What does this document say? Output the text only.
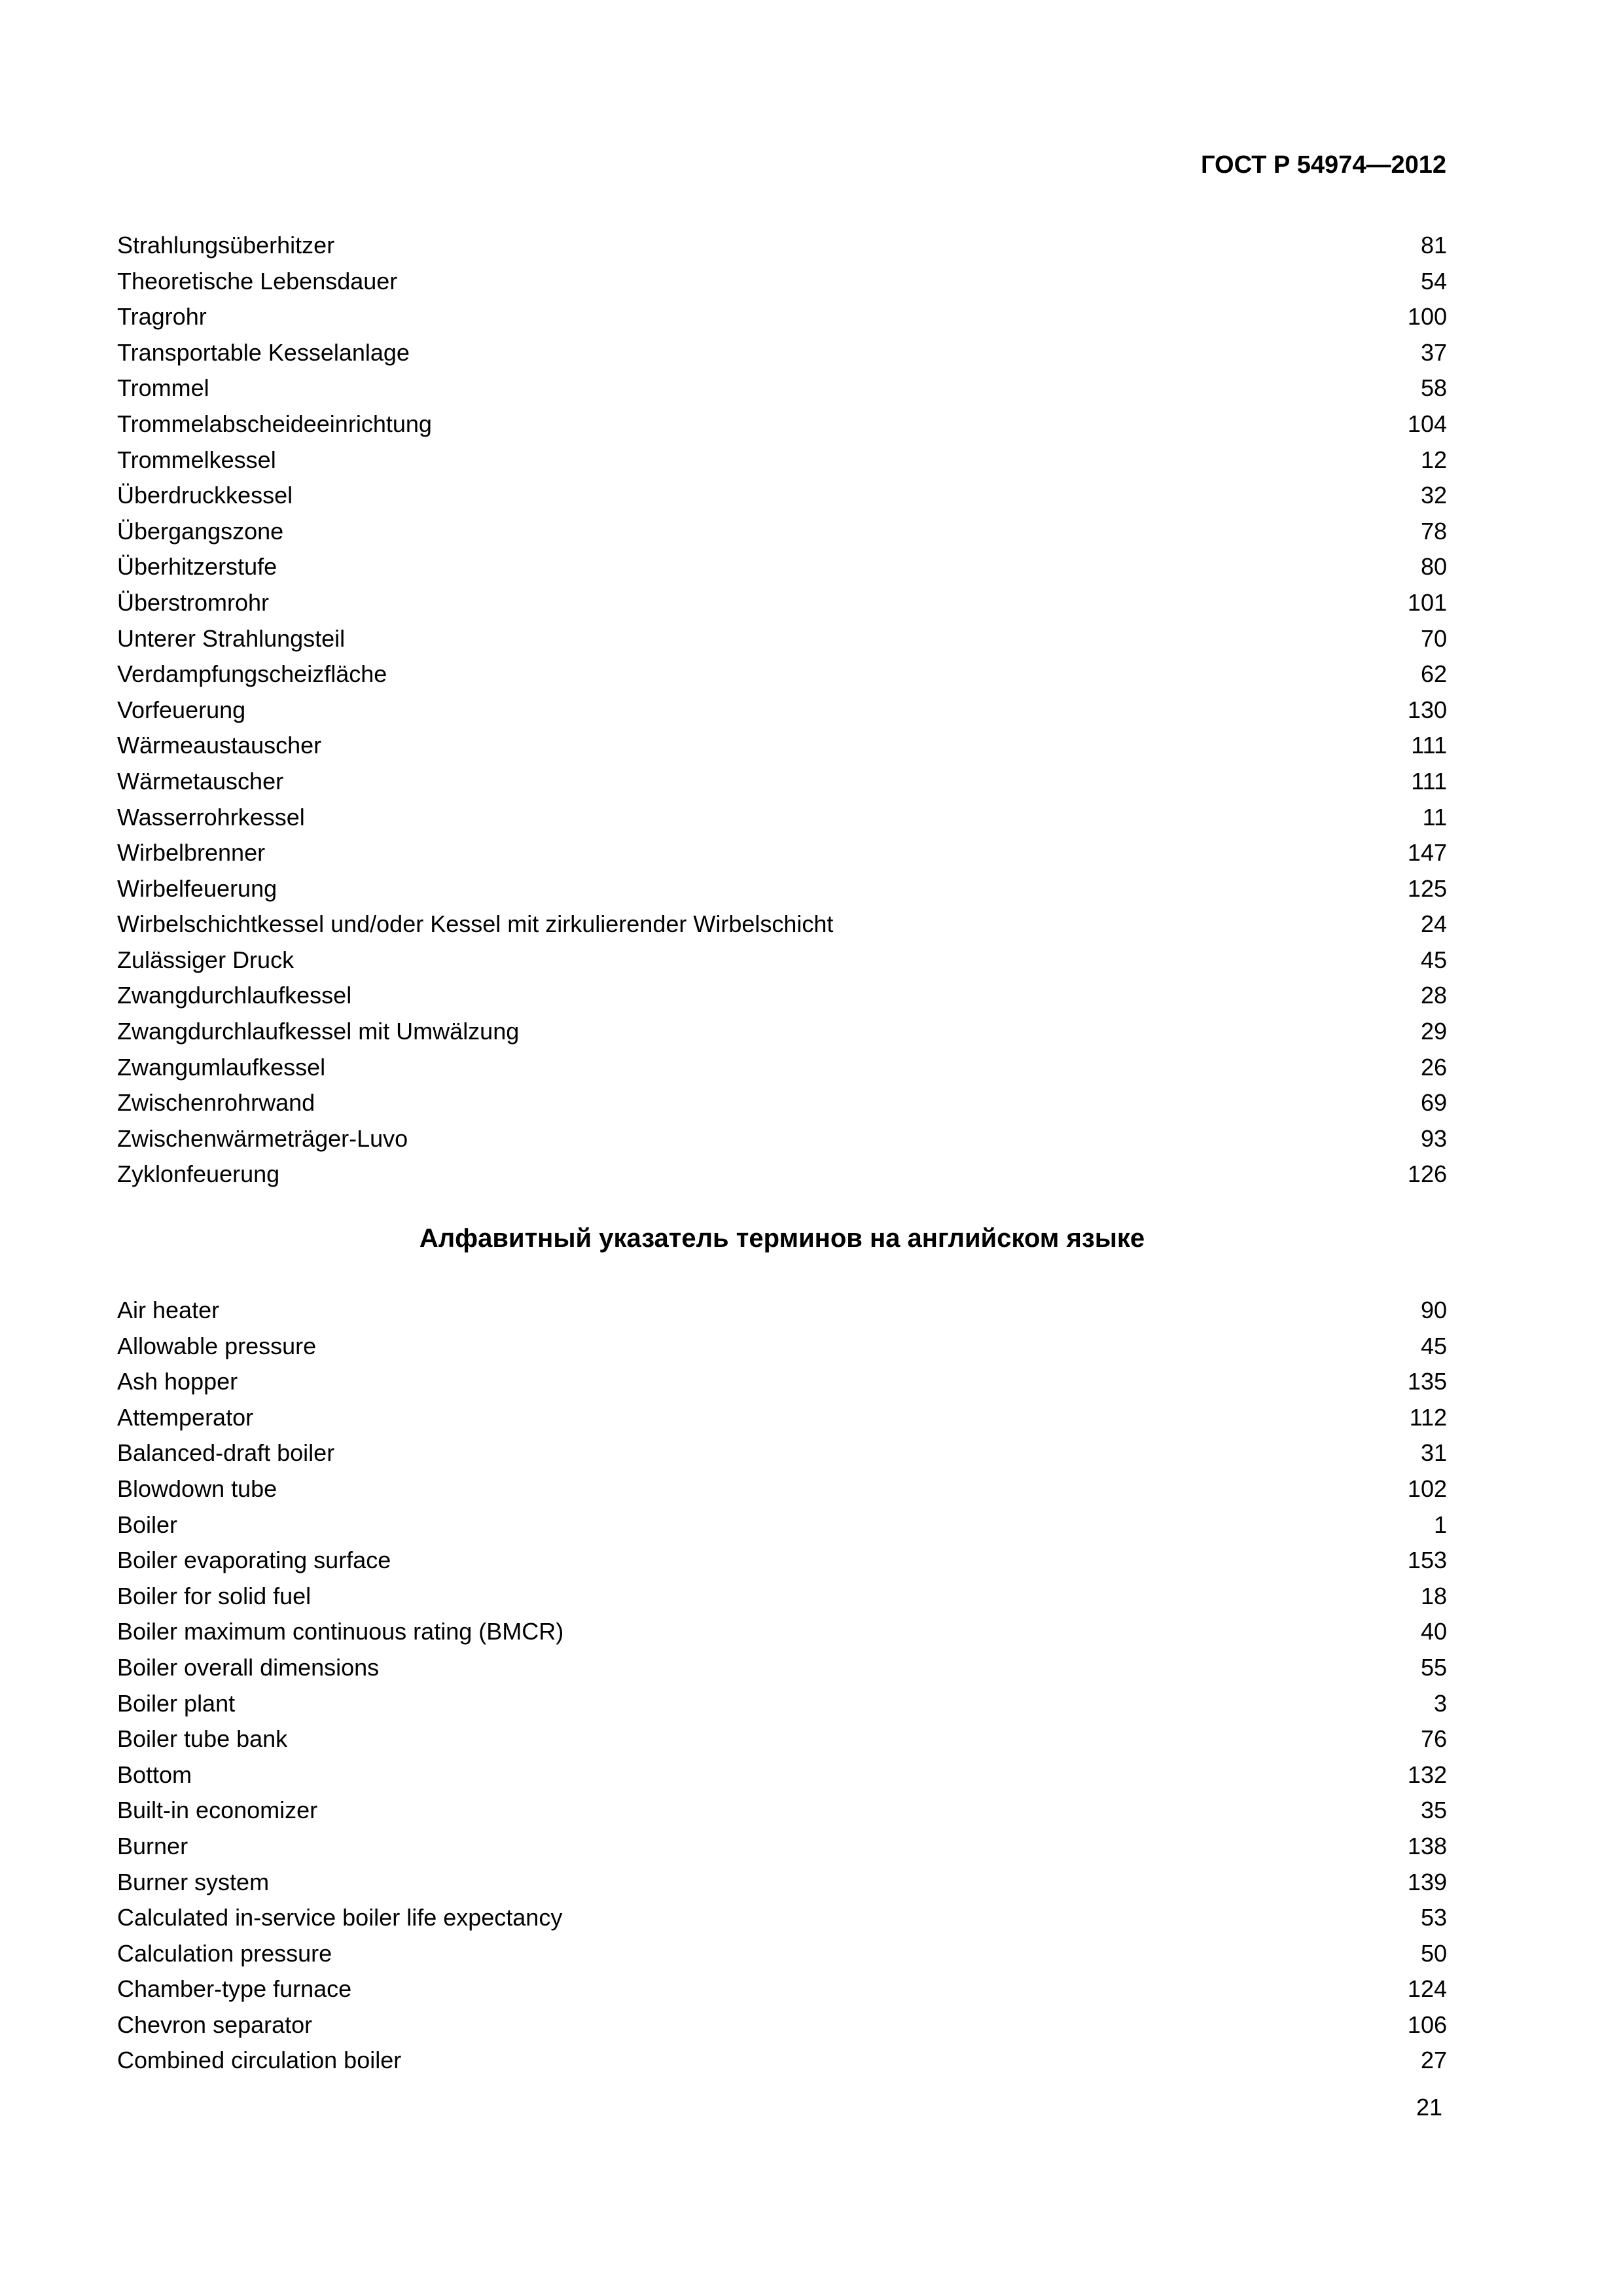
ГОСТ Р 54974—2012
Strahlungsüberhitzer	81
Theoretische Lebensdauer	54
Tragrohr	100
Transportable Kesselanlage	37
Trommel	58
Trommelabscheideeinrichtung	104
Trommelkessel	12
Überdruckkessel	32
Übergangszone	78
Überhitzerstufe	80
Überstromrohr	101
Unterer Strahlungsteil	70
Verdampfungscheizfläche	62
Vorfeuerung	130
Wärmeaustauscher	111
Wärmetauscher	111
Wasserrohrkessel	11
Wirbelbrenner	147
Wirbelfeuerung	125
Wirbelschichtkessel und/oder Kessel mit zirkulierender Wirbelschicht	24
Zulässiger Druck	45
Zwangdurchlaufkessel	28
Zwangdurchlaufkessel mit Umwälzung	29
Zwangumlaufkessel	26
Zwischenrohrwand	69
Zwischenwärmeträger-Luvo	93
Zyklonfeuerung	126
Алфавитный указатель терминов на английском языке
Air heater	90
Allowable pressure	45
Ash hopper	135
Attemperator	112
Balanced-draft boiler	31
Blowdown tube	102
Boiler	1
Boiler evaporating surface	153
Boiler for solid fuel	18
Boiler maximum continuous rating (BMCR)	40
Boiler overall dimensions	55
Boiler plant	3
Boiler tube bank	76
Bottom	132
Built-in economizer	35
Burner	138
Burner system	139
Calculated in-service boiler life expectancy	53
Calculation pressure	50
Chamber-type furnace	124
Chevron separator	106
Combined circulation boiler	27
21
